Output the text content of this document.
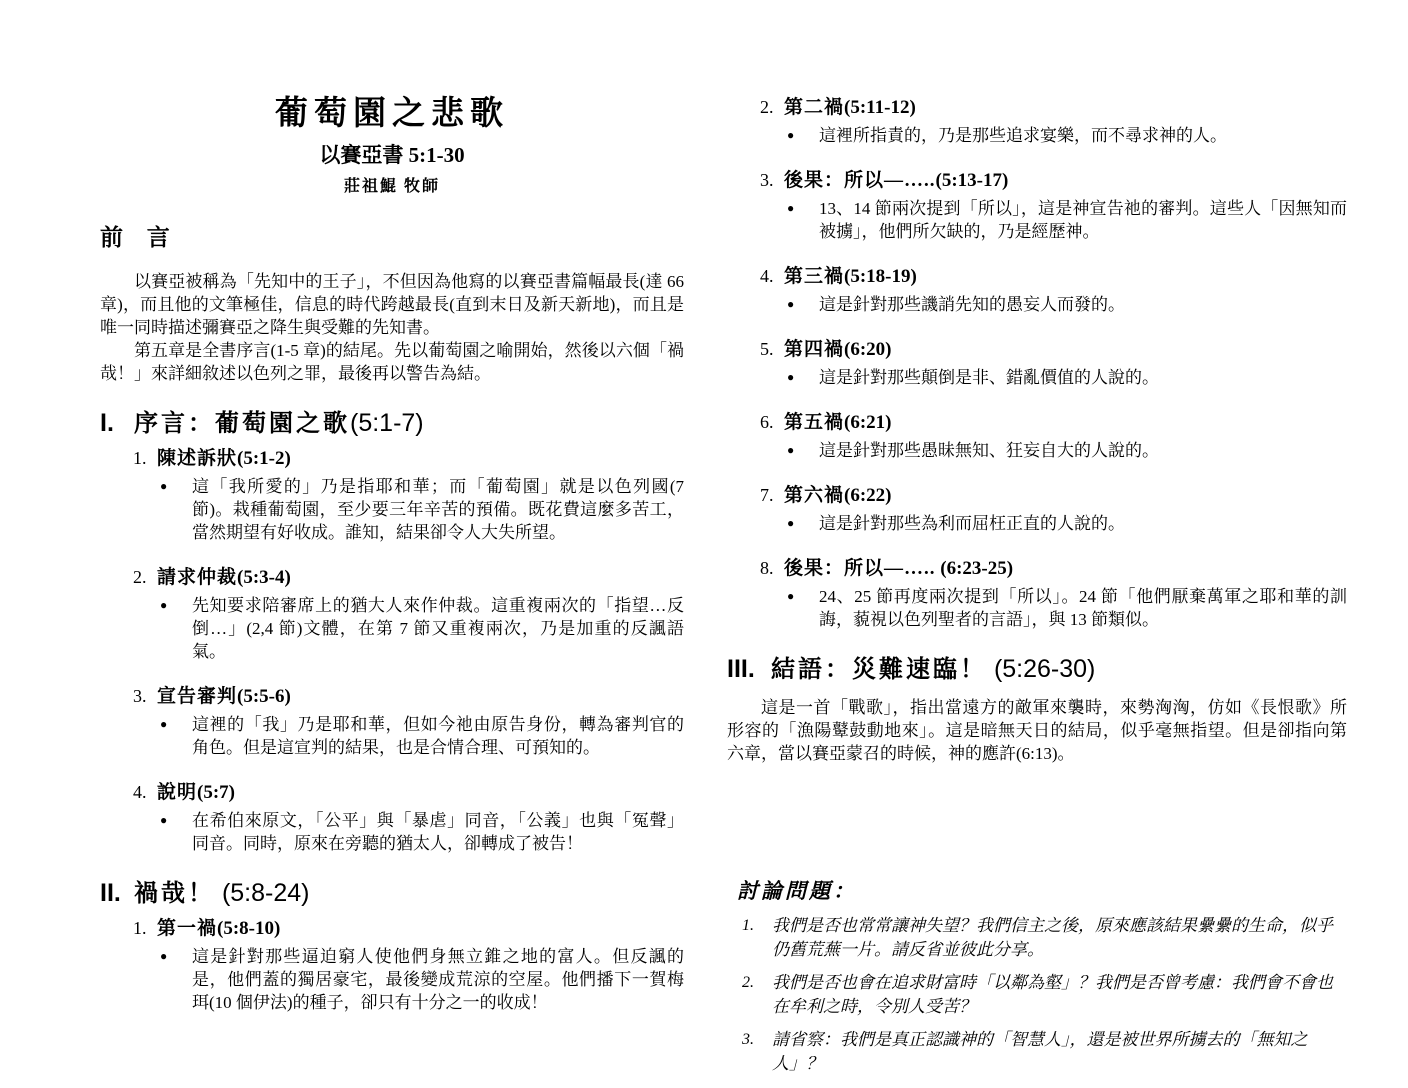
葡萄園之悲歌
以賽亞書 5:1-30
莊祖鯤 牧師
前 言

以賽亞被稱為「先知中的王子」，不但因為他寫的以賽亞書篇幅最長(達 66 章)，而且他的文筆極佳，信息的時代跨越最長(直到末日及新天新地)，而且是唯一同時描述彌賽亞之降生與受難的先知書。

第五章是全書序言(1-5 章)的結尾。先以葡萄園之喻開始，然後以六個「禍哉！」來詳細敘述以色列之罪，最後再以警告為結。

I. 序言：葡萄園之歌(5:1-7)
1. 陳述訴狀(5:1-2)
●	這「我所愛的」乃是指耶和華；而「葡萄園」就是以色列國(7 節)。栽種葡萄園，至少要三年辛苦的預備。既花費這麼多苦工，當然期望有好收成。誰知，結果卻令人大失所望。
2. 請求仲裁(5:3-4)
●	先知要求陪審席上的猶大人來作仲裁。這重複兩次的「指望…反倒…」(2,4 節)文體，在第 7 節又重複兩次，乃是加重的反諷語氣。
3. 宣告審判(5:5-6)
●	這裡的「我」乃是耶和華，但如今祂由原告身份，轉為審判官的角色。但是這宣判的結果，也是合情合理、可預知的。
4. 說明(5:7)
●	在希伯來原文，「公平」與「暴虐」同音，「公義」也與「冤聲」同音。同時，原來在旁聽的猶太人，卻轉成了被告！
II. 禍哉！ (5:8-24)
1. 第一禍(5:8-10)
●	這是針對那些逼迫窮人使他們身無立錐之地的富人。但反諷的是，他們蓋的獨居豪宅，最後變成荒涼的空屋。他們播下一賀梅珥(10 個伊法)的種子，卻只有十分之一的收成！
2. 第二禍(5:11-12)
●	這裡所指責的，乃是那些追求宴樂，而不尋求神的人。
3. 後果：所以—…..(5:13-17)
●	13、14 節兩次提到「所以」，這是神宣告祂的審判。這些人「因無知而被擄」，他們所欠缺的，乃是經歷神。
4. 第三禍(5:18-19)
●	這是針對那些譏誚先知的愚妄人而發的。
5. 第四禍(6:20)
●	這是針對那些顛倒是非、錯亂價值的人說的。
6. 第五禍(6:21)
●	這是針對那些愚昧無知、狂妄自大的人說的。
7. 第六禍(6:22)
●	這是針對那些為利而屈枉正直的人說的。
8. 後果：所以—….. (6:23-25)
●	24、25 節再度兩次提到「所以」。24 節「他們厭棄萬軍之耶和華的訓誨，藐視以色列聖者的言語」，與 13 節類似。
III. 結語：災難速臨！ (5:26-30)

這是一首「戰歌」，指出當遠方的敵軍來襲時，來勢洶洶，仿如《長恨歌》所形容的「漁陽鼙鼓動地來」。這是暗無天日的結局，似乎毫無指望。但是卻指向第六章，當以賽亞蒙召的時候，神的應許(6:13)。

討論問題：
1.	我們是否也常常讓神失望？我們信主之後，原來應該結果纍纍的生命，似乎仍舊荒蕪一片。請反省並彼此分享。
2.	我們是否也會在追求財富時「以鄰為壑」？我們是否曾考慮：我們會不會也在牟利之時，令別人受苦？
3.	請省察：我們是真正認識神的「智慧人」，還是被世界所擄去的「無知之人」？
